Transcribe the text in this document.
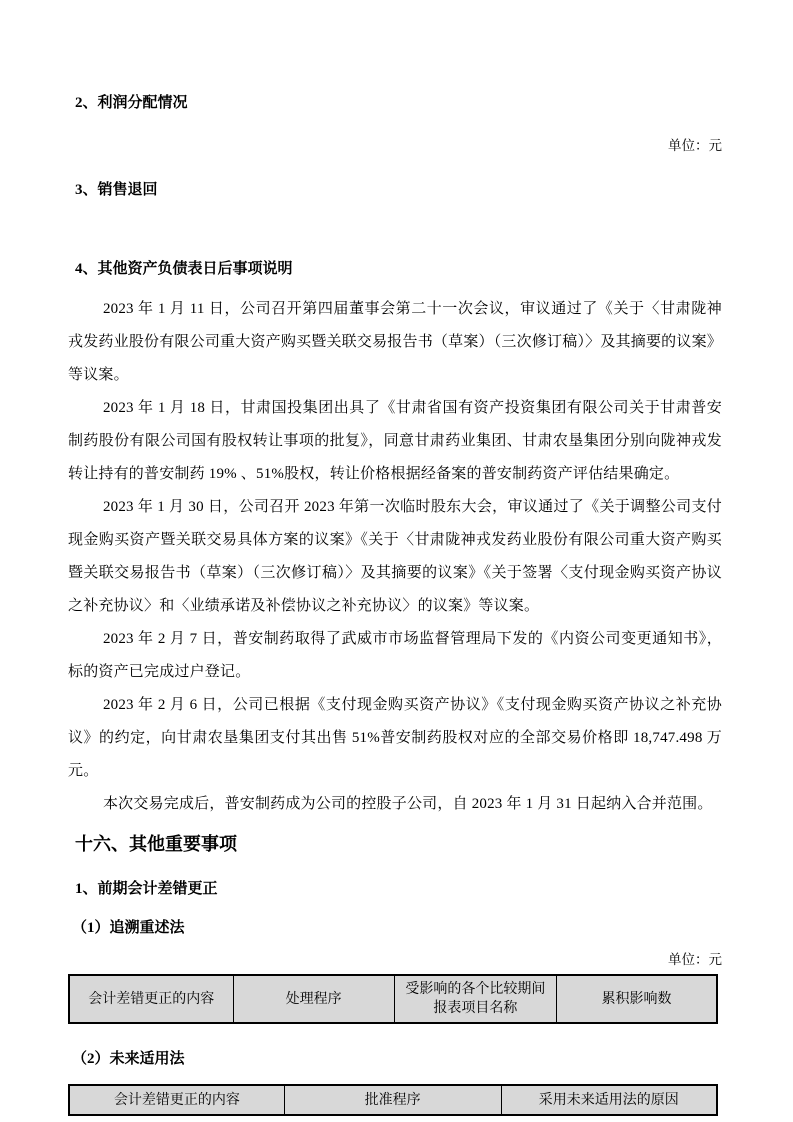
2、利润分配情况

单位：元

3、销售退回

4、其他资产负债表日后事项说明

2023 年 1 月 11 日，公司召开第四届董事会第二十一次会议，审议通过了《关于〈甘肃陇神戎发药业股份有限公司重大资产购买暨关联交易报告书（草案）（三次修订稿）〉及其摘要的议案》等议案。

2023 年 1 月 18 日，甘肃国投集团出具了《甘肃省国有资产投资集团有限公司关于甘肃普安制药股份有限公司国有股权转让事项的批复》，同意甘肃药业集团、甘肃农垦集团分别向陇神戎发转让持有的普安制药 19% 、51%股权，转让价格根据经备案的普安制药资产评估结果确定。

2023 年 1 月 30 日，公司召开 2023 年第一次临时股东大会，审议通过了《关于调整公司支付现金购买资产暨关联交易具体方案的议案》《关于〈甘肃陇神戎发药业股份有限公司重大资产购买暨关联交易报告书（草案）（三次修订稿）〉及其摘要的议案》《关于签署〈支付现金购买资产协议之补充协议〉和〈业绩承诺及补偿协议之补充协议〉的议案》等议案。

2023 年 2 月 7 日，普安制药取得了武威市市场监督管理局下发的《内资公司变更通知书》，标的资产已完成过户登记。

2023 年 2 月 6 日，公司已根据《支付现金购买资产协议》《支付现金购买资产协议之补充协议》的约定，向甘肃农垦集团支付其出售 51%普安制药股权对应的全部交易价格即 18,747.498 万元。

本次交易完成后，普安制药成为公司的控股子公司，自 2023 年 1 月 31 日起纳入合并范围。

十六、其他重要事项

1、前期会计差错更正

（1）追溯重述法

单位：元
会计差错更正的内容	处理程序	受影响的各个比较期间报表项目名称	累积影响数

（2）未来适用法

会计差错更正的内容	批准程序	采用未来适用法的原因
